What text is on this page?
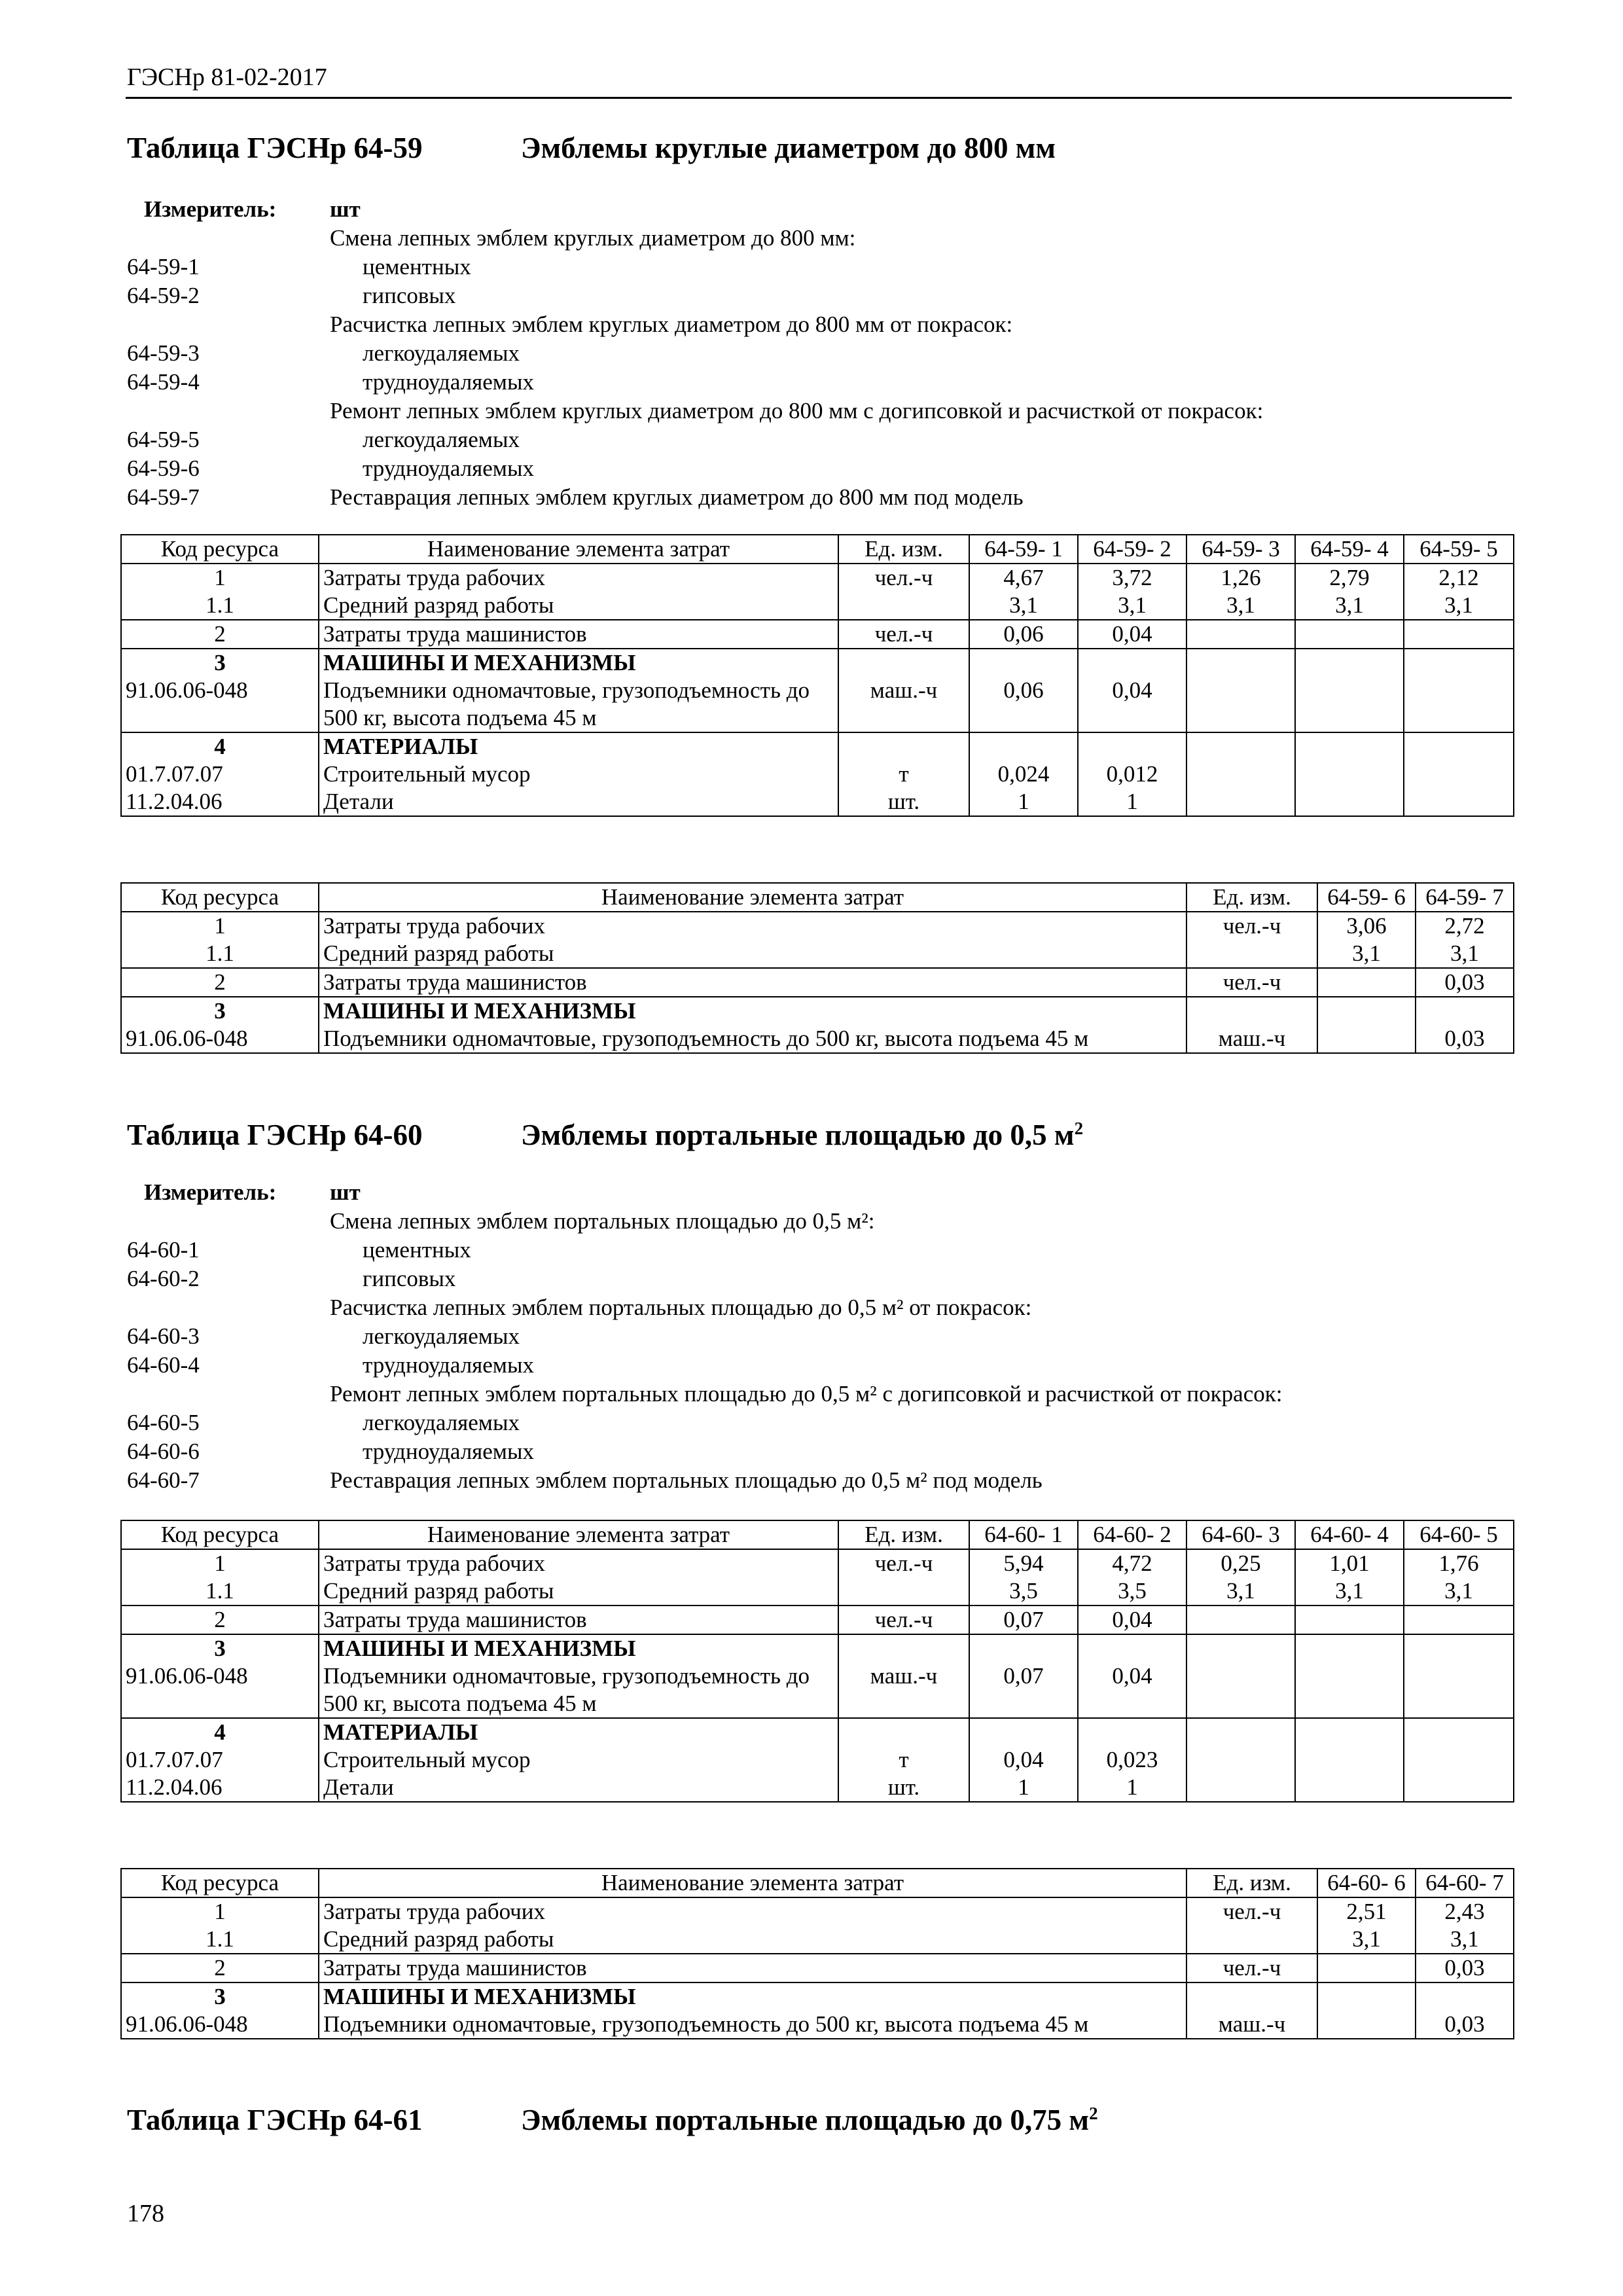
ГЭСНр 81-02-2017
Таблица ГЭСНр 64-59	Эмблемы круглые диаметром до 800 мм
Измеритель: шт
Смена лепных эмблем круглых диаметром до 800 мм:
64-59-1	цементных
64-59-2	гипсовых
Расчистка лепных эмблем круглых диаметром до 800 мм от покрасок:
64-59-3	легкоудаляемых
64-59-4	трудноудаляемых
Ремонт лепных эмблем круглых диаметром до 800 мм с догипсовкой и расчисткой от покрасок:
64-59-5	легкоудаляемых
64-59-6	трудноудаляемых
64-59-7	Реставрация лепных эмблем круглых диаметром до 800 мм под модель
Код ресурса	Наименование элемента затрат	Ед. изм.	64-59- 1	64-59- 2	64-59- 3	64-59- 4	64-59- 5
1	Затраты труда рабочих	чел.-ч	4,67	3,72	1,26	2,79	2,12
1.1	Средний разряд работы		3,1	3,1	3,1	3,1	3,1
2	Затраты труда машинистов	чел.-ч	0,06	0,04			
3	МАШИНЫ И МЕХАНИЗМЫ						
91.06.06-048	Подъемники одномачтовые, грузоподъемность до 500 кг, высота подъема 45 м	маш.-ч	0,06	0,04			
4	МАТЕРИАЛЫ						
01.7.07.07	Строительный мусор	т	0,024	0,012			
11.2.04.06	Детали	шт.	1	1			
Код ресурса	Наименование элемента затрат	Ед. изм.	64-59- 6	64-59- 7
1	Затраты труда рабочих	чел.-ч	3,06	2,72
1.1	Средний разряд работы		3,1	3,1
2	Затраты труда машинистов	чел.-ч		0,03
3	МАШИНЫ И МЕХАНИЗМЫ			
91.06.06-048	Подъемники одномачтовые, грузоподъемность до 500 кг, высота подъема 45 м	маш.-ч		0,03
Таблица ГЭСНр 64-60	Эмблемы портальные площадью до 0,5 $м^2$
Измеритель: шт
Смена лепных эмблем портальных площадью до 0,5 м²:
64-60-1	цементных
64-60-2	гипсовых
Расчистка лепных эмблем портальных площадью до 0,5 м² от покрасок:
64-60-3	легкоудаляемых
64-60-4	трудноудаляемых
Ремонт лепных эмблем портальных площадью до 0,5 м² с догипсовкой и расчисткой от покрасок:
64-60-5	легкоудаляемых
64-60-6	трудноудаляемых
64-60-7	Реставрация лепных эмблем портальных площадью до 0,5 м² под модель
Код ресурса	Наименование элемента затрат	Ед. изм.	64-60- 1	64-60- 2	64-60- 3	64-60- 4	64-60- 5
1	Затраты труда рабочих	чел.-ч	5,94	4,72	0,25	1,01	1,76
1.1	Средний разряд работы		3,5	3,5	3,1	3,1	3,1
2	Затраты труда машинистов	чел.-ч	0,07	0,04			
3	МАШИНЫ И МЕХАНИЗМЫ						
91.06.06-048	Подъемники одномачтовые, грузоподъемность до 500 кг, высота подъема 45 м	маш.-ч	0,07	0,04			
4	МАТЕРИАЛЫ						
01.7.07.07	Строительный мусор	т	0,04	0,023			
11.2.04.06	Детали	шт.	1	1			
Код ресурса	Наименование элемента затрат	Ед. изм.	64-60- 6	64-60- 7
1	Затраты труда рабочих	чел.-ч	2,51	2,43
1.1	Средний разряд работы		3,1	3,1
2	Затраты труда машинистов	чел.-ч		0,03
3	МАШИНЫ И МЕХАНИЗМЫ			
91.06.06-048	Подъемники одномачтовые, грузоподъемность до 500 кг, высота подъема 45 м	маш.-ч		0,03
Таблица ГЭСНр 64-61	Эмблемы портальные площадью до 0,75 $м^2$
178
